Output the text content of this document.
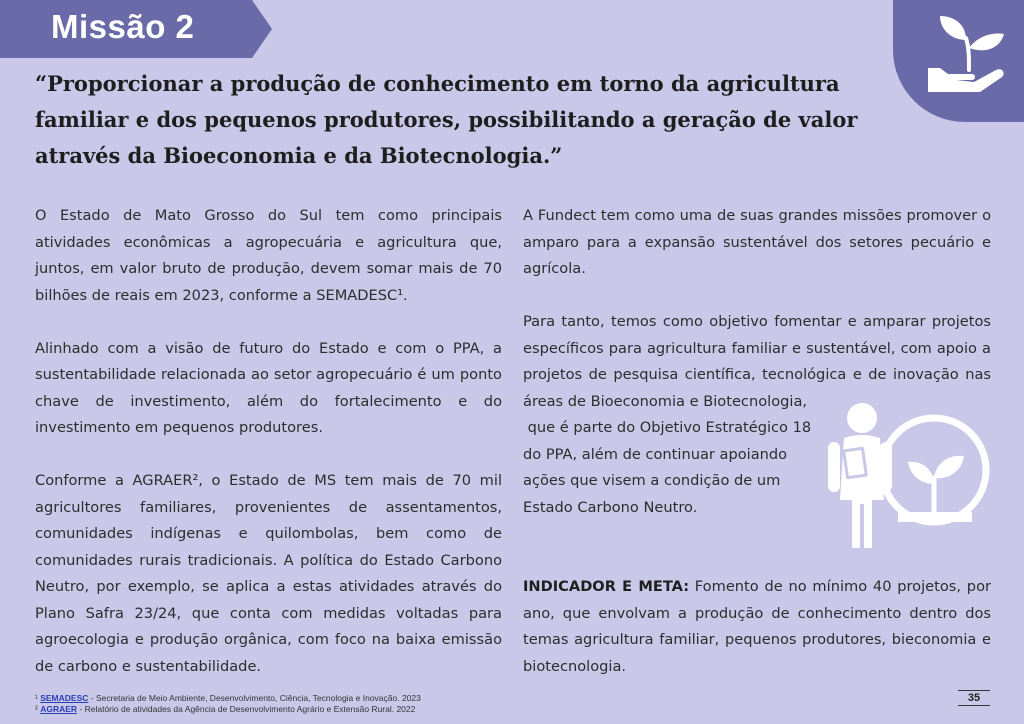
Missão 2

“Proporcionar a produção de conhecimento em torno da agricultura familiar e dos pequenos produtores, possibilitando a geração de valor através da Bioeconomia e da Biotecnologia.”

O Estado de Mato Grosso do Sul tem como principais atividades econômicas a agropecuária e agricultura que, juntos, em valor bruto de produção, devem somar mais de 70 bilhões de reais em 2023, conforme a SEMADESC¹.

Alinhado com a visão de futuro do Estado e com o PPA, a sustentabilidade relacionada ao setor agropecuário é um ponto chave de investimento, além do fortalecimento e do investimento em pequenos produtores.

Conforme a AGRAER², o Estado de MS tem mais de 70 mil agricultores familiares, provenientes de assentamentos, comunidades indígenas e quilombolas, bem como de comunidades rurais tradicionais. A política do Estado Carbono Neutro, por exemplo, se aplica a estas atividades através do Plano Safra 23/24, que conta com medidas voltadas para agroecologia e produção orgânica, com foco na baixa emissão de carbono e sustentabilidade.

A Fundect tem como uma de suas grandes missões promover o amparo para a expansão sustentável dos setores pecuário e agrícola.

Para tanto, temos como objetivo fomentar e amparar projetos específicos para agricultura familiar e sustentável, com apoio a projetos de pesquisa científica, tecnológica e de inovação nas áreas de Bioeconomia e Biotecnologia,
que é parte do Objetivo Estratégico 18
do PPA, além de continuar apoiando
ações que visem a condição de um
Estado Carbono Neutro.
INDICADOR E META: Fomento de no mínimo 40 projetos, por ano, que envolvam a produção de conhecimento dentro dos temas agricultura familiar, pequenos produtores, bieconomia e biotecnologia.
¹ SEMADESC - Secretaria de Meio Ambiente, Desenvolvimento, Ciência, Tecnologia e Inovação. 2023
² AGRAER - Relatório de atividades da Agência de Desenvolvimento Agrário e Extensão Rural. 2022
35
